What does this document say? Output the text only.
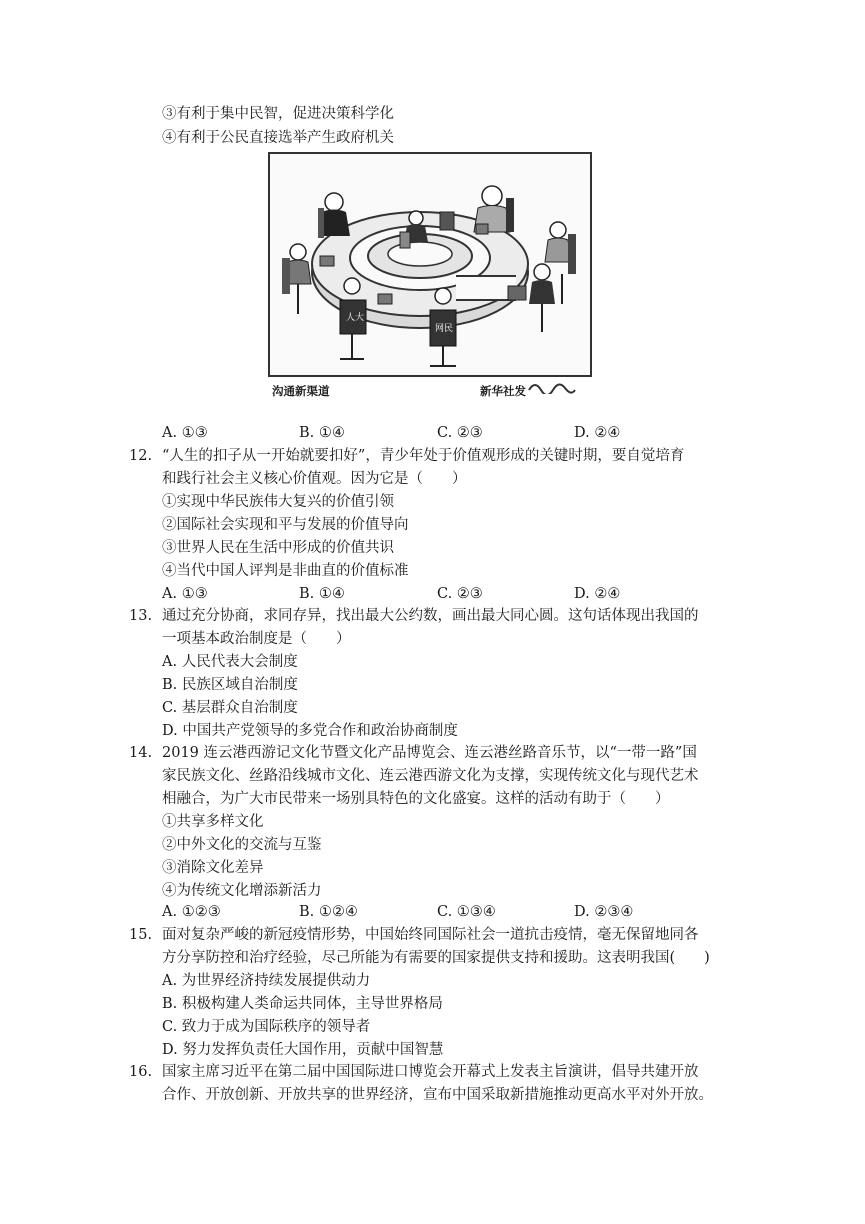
③有利于集中民智，促进决策科学化
④有利于公民直接选举产生政府机关
人大
网民
沟通新渠道	新华社发
A. ①③	B. ①④	C. ②③	D. ②④
12. “人生的扣子从一开始就要扣好”，青少年处于价值观形成的关键时期，要自觉培育
和践行社会主义核心价值观。因为它是（　　）
①实现中华民族伟大复兴的价值引领
②国际社会实现和平与发展的价值导向
③世界人民在生活中形成的价值共识
④当代中国人评判是非曲直的价值标准
A. ①③	B. ①④	C. ②③	D. ②④
13. 通过充分协商，求同存异，找出最大公约数，画出最大同心圆。这句话体现出我国的
一项基本政治制度是（　　）
A. 人民代表大会制度
B. 民族区域自治制度
C. 基层群众自治制度
D. 中国共产党领导的多党合作和政治协商制度
14. 2019 连云港西游记文化节暨文化产品博览会、连云港丝路音乐节，以“一带一路”国
家民族文化、丝路沿线城市文化、连云港西游文化为支撑，实现传统文化与现代艺术
相融合，为广大市民带来一场别具特色的文化盛宴。这样的活动有助于（　　）
①共享多样文化
②中外文化的交流与互鉴
③消除文化差异
④为传统文化增添新活力
A. ①②③	B. ①②④	C. ①③④	D. ②③④
15. 面对复杂严峻的新冠疫情形势，中国始终同国际社会一道抗击疫情，毫无保留地同各
方分享防控和治疗经验，尽己所能为有需要的国家提供支持和援助。这表明我国(　　)
A. 为世界经济持续发展提供动力
B. 积极构建人类命运共同体，主导世界格局
C. 致力于成为国际秩序的领导者
D. 努力发挥负责任大国作用，贡献中国智慧
16. 国家主席习近平在第二届中国国际进口博览会开幕式上发表主旨演讲，倡导共建开放
合作、开放创新、开放共享的世界经济，宣布中国采取新措施推动更高水平对外开放。
